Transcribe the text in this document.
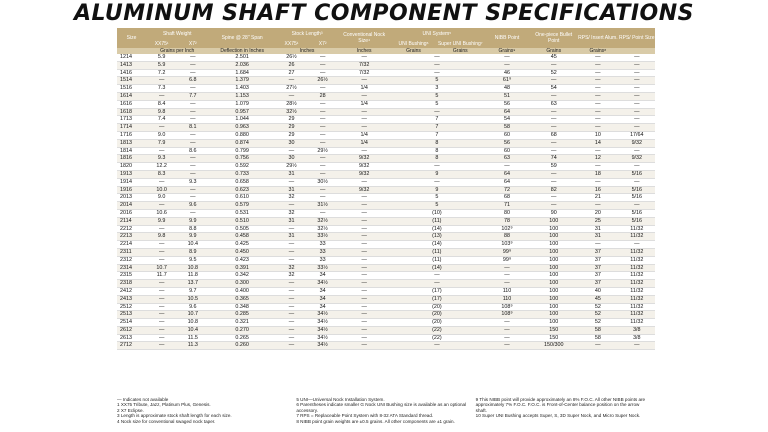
ALUMINUM SHAFT COMPONENT SPECIFICATIONS
Size	Shaft Weight		Spine @ 28" Span	Stock Length³		Conventional Nock Size⁴	UNI System⁵		NIBB Point	One-piece Bullet Point	RPS/ Insert Alum.	RPS/ Point Size
	XX75¹	X7²		XX75¹	X7²		UNI Bushing⁶	Super UNI Bushing⁷				
	Grains per Inch		Deflection in Inches	Inches		Inches	Grains	Grains	Grains⁹	Grains	Grains⁸	
1214	5.9	—	2.501	26½	—	—	—		—	45	—	—
1413	5.9	—	2.036	26	—	7/32	—		—	—	—	—
1416	7.2	—	1.684	27	—	7/32	—		46	52	—	—
1514	—	6.8	1.379	—	26½	—	5		61⁹	—	—	—
1516	7.3	—	1.403	27½	—	1/4	3		48	54	—	—
1614	—	7.7	1.153	—	28	—	5		51	—	—	—
1616	8.4	—	1.079	28½	—	1/4	5		56	63	—	—
1618	9.8	—	0.957	32½	—	—	—		64	—	—	—
1713	7.4	—	1.044	29	—	—	7		54	—	—	—
1714	—	8.1	0.963	29	—	—	7		58	—	—	—
1716	9.0	—	0.880	29	—	1/4	7		60	68	10	17/64
1813	7.9	—	0.874	30	—	1/4	8		56	—	14	9/32
1814	—	8.6	0.799	—	29½	—	8		60	—	—	—
1816	9.3	—	0.756	30	—	9/32	8		63	74	12	9/32
1820	12.2	—	0.592	29½	—	9/32	—		—	59	—	—
1913	8.3	—	0.733	31	—	9/32	9		64	—	18	5/16
1914	—	9.3	0.658	—	30½	—	—		64	—	—	—
1916	10.0	—	0.623	31	—	9/32	9		72	82	16	5/16
2013	9.0	—	0.610	32	—	—	5		68	—	21	5/16
2014	—	9.6	0.579	—	31½	—	5		71	—	—	—
2016	10.6	—	0.531	32	—	—	(10)		80	90	20	5/16
2114	9.9	9.9	0.510	31	32½	—	(11)		78	100	25	5/16
2212	—	8.8	0.505	—	32½	—	(14)		102⁹	100	31	11/32
2213	9.8	9.9	0.458	31	33½	—	(13)		88	100	31	11/32
2214	—	10.4	0.425	—	33	—	(14)		103⁹	100	—	—
2311	—	8.9	0.450	—	33	—	(11)		99⁹	100	37	11/32
2312	—	9.5	0.423	—	33	—	(11)		99⁹	100	37	11/32
2314	10.7	10.8	0.391	32	33½	—	(14)		—	100	37	11/32
2315	11.7	11.8	0.342	32	34	—	—		—	100	37	11/32
2318	—	13.7	0.300	—	34½	—	—		—	100	37	11/32
2412	—	9.7	0.400	—	34	—	(17)		110	100	40	11/32
2413	—	10.5	0.365	—	34	—	(17)		110	100	45	11/32
2512	—	9.6	0.348	—	34	—	(20)		108⁹	100	52	11/32
2513	—	10.7	0.285	—	34½	—	(20)		108⁹	100	52	11/32
2514	—	10.8	0.321	—	34½	—	(20)		—	100	52	11/32
2612	—	10.4	0.270	—	34½	—	(22)		—	150	58	3/8
2613	—	11.5	0.265	—	34½	—	(22)		—	150	58	3/8
2712	—	11.3	0.260	—	34½	—	—		—	150/300	—	—
— Indicates not available
1 XX75 Tribute, Jazz, Platinum Plus, Genesis.
2 X7 Eclipse.
3 Length is approximate stock shaft length for each size.
4 Nock size for conventional swaged nock taper.
5 UNI—Universal Nock Installation System.
6 Parentheses indicate smaller G Nock UNI Bushing size is available as an optional accessory.
7 RPS = Replaceable Point System with 8-32 ATA Standard thread.
8 NIBB point grain weights are ±0.5 grains. All other components are ±1 grain.
9 This NIBB point will provide approximately an 8% F.O.C. All other NIBB points are approximately 7% F.O.C. F.O.C. is Front-of-Center balance position on the arrow shaft.
10 Super UNI Bushing accepts Super, S, 3D Super Nock, and Micro Super Nock.
